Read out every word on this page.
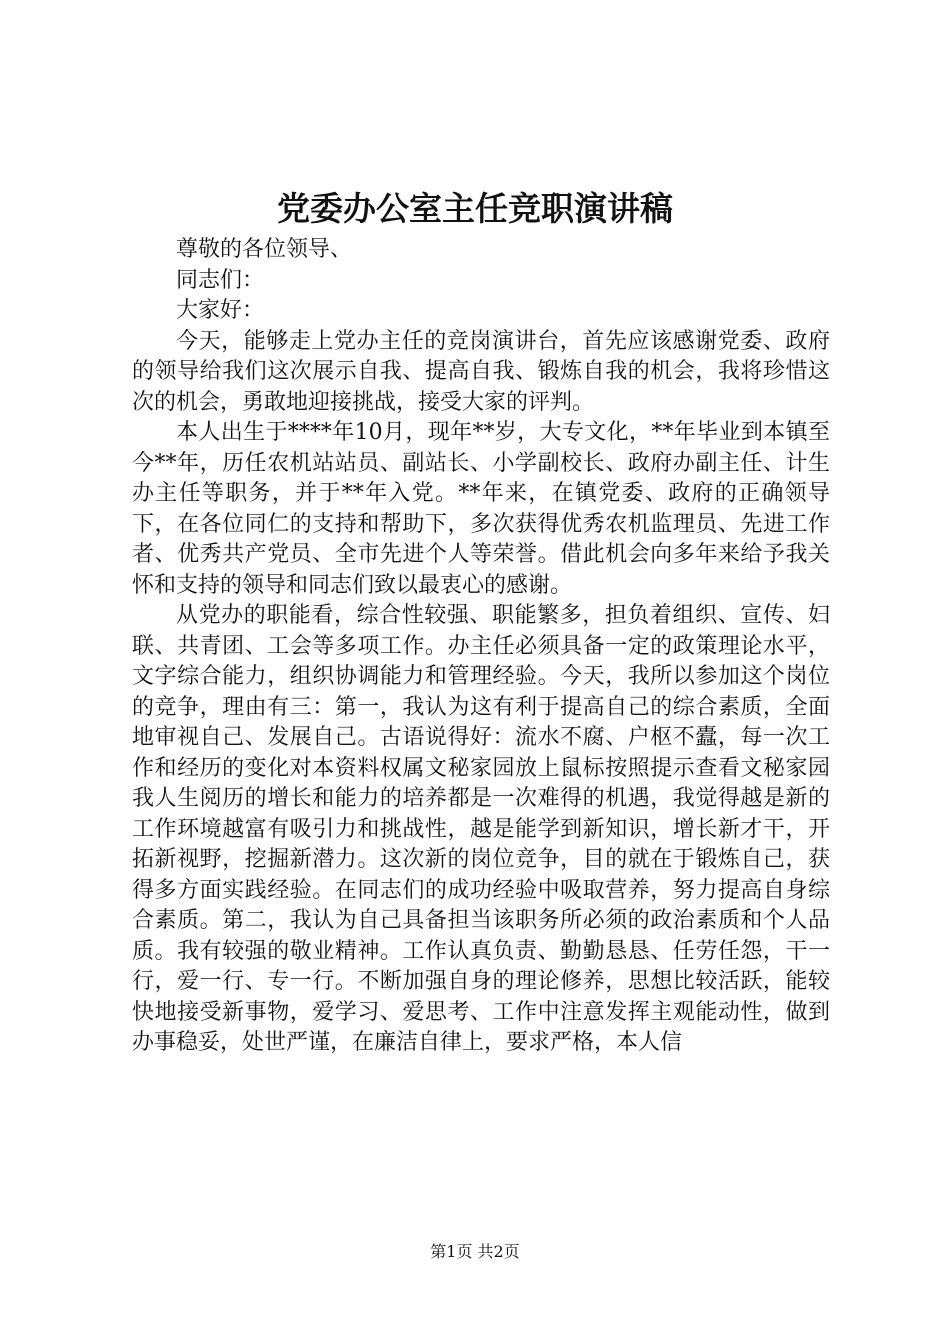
党委办公室主任竞职演讲稿

尊敬的各位领导、

同志们：

大家好：

今天，能够走上党办主任的竞岗演讲台，首先应该感谢党委、政府的领导给我们这次展示自我、提高自我、锻炼自我的机会，我将珍惜这次的机会，勇敢地迎接挑战，接受大家的评判。

本人出生于****年10月，现年**岁，大专文化，**年毕业到本镇至今**年，历任农机站站员、副站长、小学副校长、政府办副主任、计生办主任等职务，并于**年入党。**年来，在镇党委、政府的正确领导下，在各位同仁的支持和帮助下，多次获得优秀农机监理员、先进工作者、优秀共产党员、全市先进个人等荣誉。借此机会向多年来给予我关怀和支持的领导和同志们致以最衷心的感谢。

从党办的职能看，综合性较强、职能繁多，担负着组织、宣传、妇联、共青团、工会等多项工作。办主任必须具备一定的政策理论水平，文字综合能力，组织协调能力和管理经验。今天，我所以参加这个岗位的竞争，理由有三：第一，我认为这有利于提高自己的综合素质，全面地审视自己、发展自己。古语说得好：流水不腐、户枢不蠹，每一次工作和经历的变化对本资料权属文秘家园放上鼠标按照提示查看文秘家园我人生阅历的增长和能力的培养都是一次难得的机遇，我觉得越是新的工作环境越富有吸引力和挑战性，越是能学到新知识，增长新才干，开拓新视野，挖掘新潜力。这次新的岗位竞争，目的就在于锻炼自己，获得多方面实践经验。在同志们的成功经验中吸取营养，努力提高自身综合素质。第二，我认为自己具备担当该职务所必须的政治素质和个人品质。我有较强的敬业精神。工作认真负责、勤勤恳恳、任劳任怨，干一行，爱一行、专一行。不断加强自身的理论修养，思想比较活跃，能较快地接受新事物，爱学习、爱思考、工作中注意发挥主观能动性，做到办事稳妥，处世严谨，在廉洁自律上，要求严格，本人信

第1页 共2页
